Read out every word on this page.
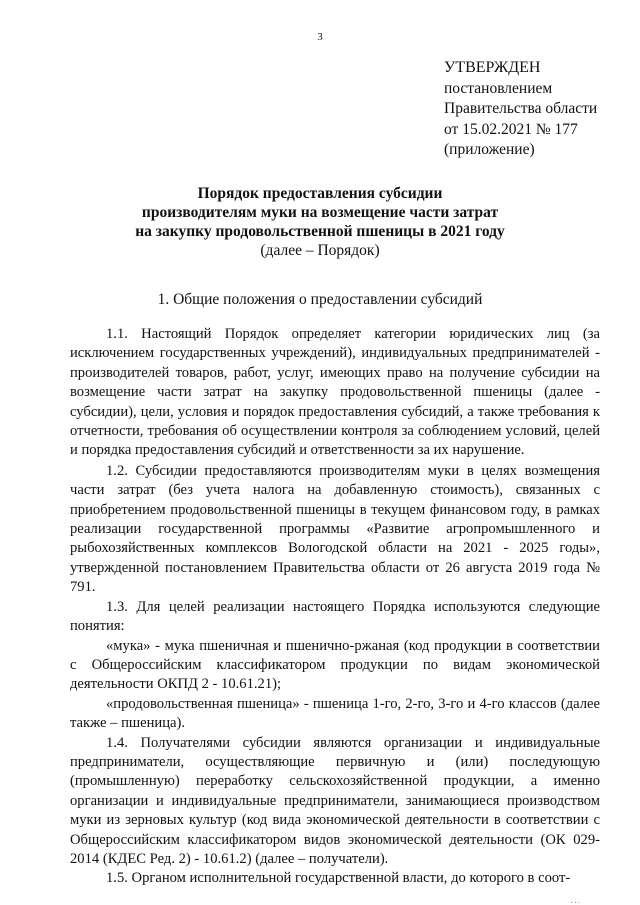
3
УТВЕРЖДЕН
постановлением
Правительства области
от 15.02.2021 № 177
(приложение)
Порядок предоставления субсидии
производителям муки на возмещение части затрат
на закупку продовольственной пшеницы в 2021 году
(далее – Порядок)
1. Общие положения о предоставлении субсидий

1.1. Настоящий Порядок определяет категории юридических лиц (за исключением государственных учреждений), индивидуальных предпринимателей - производителей товаров, работ, услуг, имеющих право на получение субсидии на возмещение части затрат на закупку продовольственной пшеницы (далее - субсидии), цели, условия и порядок предоставления субсидий, а также требования к отчетности, требования об осуществлении контроля за соблюдением условий, целей и порядка предоставления субсидий и ответственности за их нарушение.

1.2. Субсидии предоставляются производителям муки в целях возмещения части затрат (без учета налога на добавленную стоимость), связанных с приобретением продовольственной пшеницы в текущем финансовом году, в рамках реализации государственной программы «Развитие агропромышленного и рыбохозяйственных комплексов Вологодской области на 2021 - 2025 годы», утвержденной постановлением Правительства области от 26 августа 2019 года № 791.

1.3. Для целей реализации настоящего Порядка используются следующие понятия:

«мука» - мука пшеничная и пшенично-ржаная (код продукции в соответствии с Общероссийским классификатором продукции по видам экономической деятельности ОКПД 2 - 10.61.21);

«продовольственная пшеница» - пшеница 1-го, 2-го, 3-го и 4-го классов (далее также – пшеница).

1.4. Получателями субсидии являются организации и индивидуальные предприниматели, осуществляющие первичную и (или) последующую (промышленную) переработку сельскохозяйственной продукции, а именно организации и индивидуальные предприниматели, занимающиеся производством муки из зерновых культур (код вида экономической деятельности в соответствии с Общероссийским классификатором видов экономической деятельности (ОК 029-2014 (КДЕС Ред. 2) - 10.61.2) (далее – получатели).

1.5. Органом исполнительной государственной власти, до которого в соот-

. . .
